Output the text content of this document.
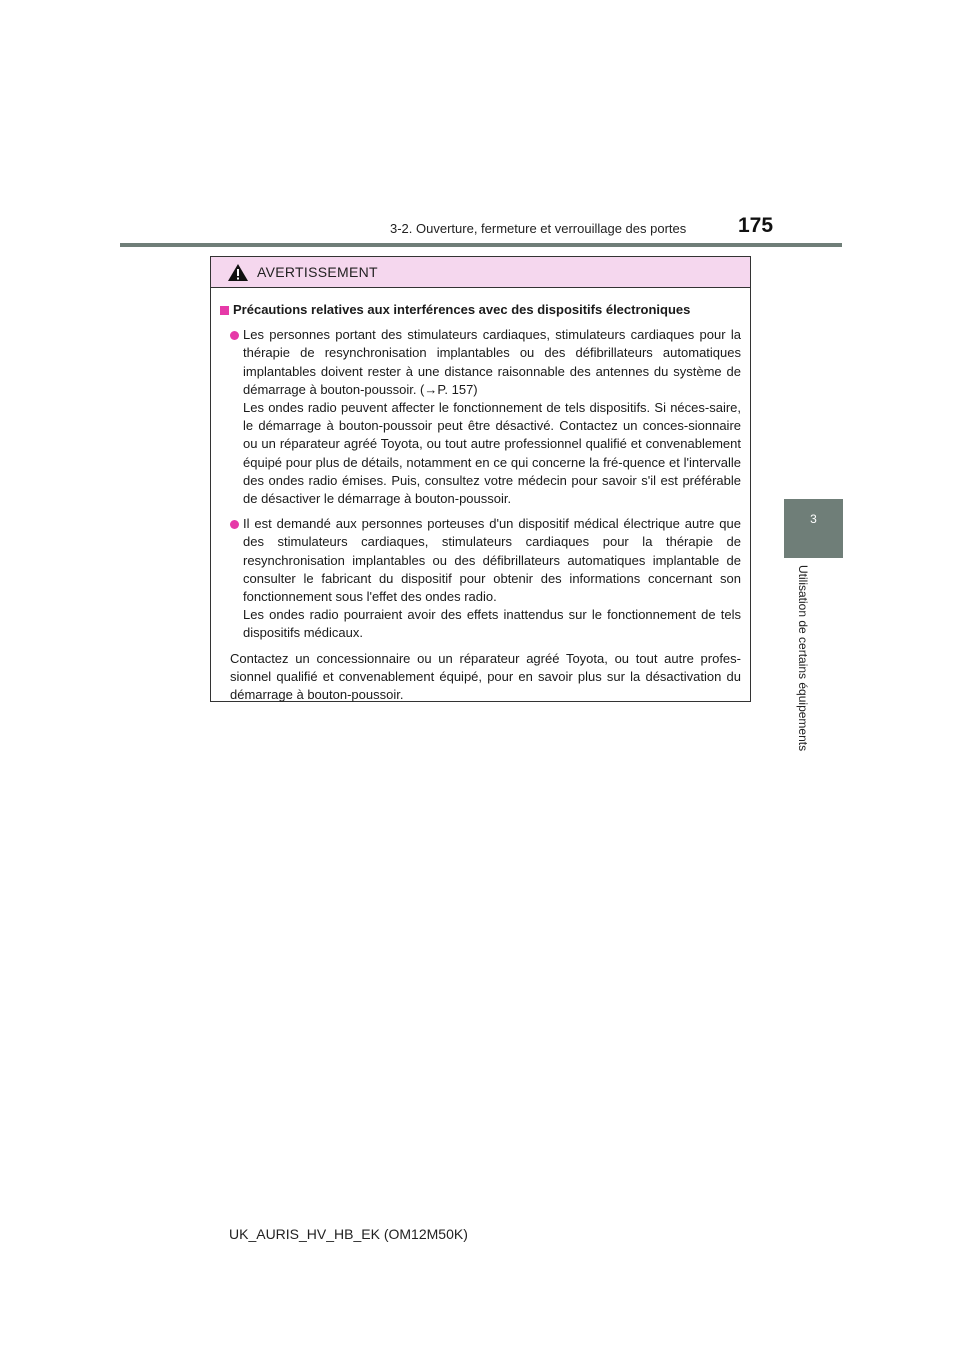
3-2. Ouverture, fermeture et verrouillage des portes 175
3
Utilisation de certains équipements
AVERTISSEMENT
Précautions relatives aux interférences avec des dispositifs électroniques

Les personnes portant des stimulateurs cardiaques, stimulateurs cardiaques pour la thérapie de resynchronisation implantables ou des défibrillateurs automatiques implantables doivent rester à une distance raisonnable des antennes du système de démarrage à bouton-poussoir. (→P. 157)

Les ondes radio peuvent affecter le fonctionnement de tels dispositifs. Si néces-saire, le démarrage à bouton-poussoir peut être désactivé. Contactez un conces-sionnaire ou un réparateur agréé Toyota, ou tout autre professionnel qualifié et convenablement équipé pour plus de détails, notamment en ce qui concerne la fré-quence et l'intervalle des ondes radio émises. Puis, consultez votre médecin pour savoir s'il est préférable de désactiver le démarrage à bouton-poussoir.

Il est demandé aux personnes porteuses d'un dispositif médical électrique autre que des stimulateurs cardiaques, stimulateurs cardiaques pour la thérapie de resynchronisation implantables ou des défibrillateurs automatiques implantable de consulter le fabricant du dispositif pour obtenir des informations concernant son fonctionnement sous l'effet des ondes radio.

Les ondes radio pourraient avoir des effets inattendus sur le fonctionnement de tels dispositifs médicaux.

Contactez un concessionnaire ou un réparateur agréé Toyota, ou tout autre profes-sionnel qualifié et convenablement équipé, pour en savoir plus sur la désactivation du démarrage à bouton-poussoir.

UK_AURIS_HV_HB_EK (OM12M50K)
